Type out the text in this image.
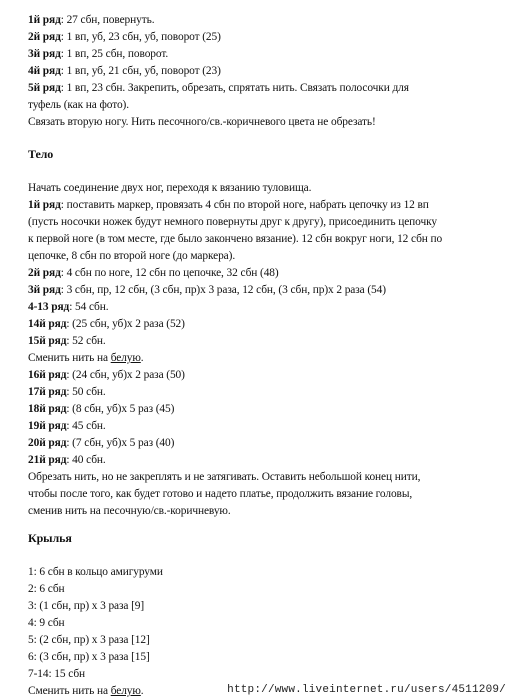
1й ряд: 27 сбн, повернуть.
2й ряд: 1 вп, уб, 23 сбн, уб, поворот (25)
3й ряд: 1 вп, 25 сбн, поворот.
4й ряд: 1 вп, уб, 21 сбн, уб, поворот (23)
5й ряд: 1 вп, 23 сбн. Закрепить, обрезать, спрятать нить. Связать полосочки для
туфель (как на фото).
Связать вторую ногу. Нить песочного/св.-коричневого цвета не обрезать!
Тело
Начать соединение двух ног, переходя к вязанию туловища.
1й ряд: поставить маркер, провязать 4 сбн по второй ноге, набрать цепочку из 12 вп
(пусть носочки ножек будут немного повернуты друг к другу), присоединить цепочку
к первой ноге (в том месте, где было закончено вязание). 12 сбн вокруг ноги, 12 сбн по
цепочке, 8 сбн по второй ноге (до маркера).
2й ряд: 4 сбн по ноге, 12 сбн по цепочке, 32 сбн (48)
3й ряд: 3 сбн, пр, 12 сбн, (3 сбн, пр)х 3 раза, 12 сбн, (3 сбн, пр)х 2 раза (54)
4-13 ряд: 54 сбн.
14й ряд: (25 сбн, уб)х 2 раза (52)
15й ряд: 52 сбн.
Сменить нить на белую.
16й ряд: (24 сбн, уб)х 2 раза (50)
17й ряд: 50 сбн.
18й ряд: (8 сбн, уб)х 5 раз (45)
19й ряд: 45 сбн.
20й ряд: (7 сбн, уб)х 5 раз (40)
21й ряд: 40 сбн.
Обрезать нить, но не закреплять и не затягивать. Оставить небольшой конец нити,
чтобы после того, как будет готово и надето платье, продолжить вязание головы,
сменив нить на песочную/св.-коричневую.
Крылья
1: 6 сбн в кольцо амигуруми
2: 6 сбн
3: (1 сбн, пр) х 3 раза [9]
4: 9 сбн
5: (2 сбн, пр) х 3 раза [12]
6: (3 сбн, пр) х 3 раза [15]
7-14: 15 сбн
Сменить нить на белую.	http://www.liveinternet.ru/users/4511209/
